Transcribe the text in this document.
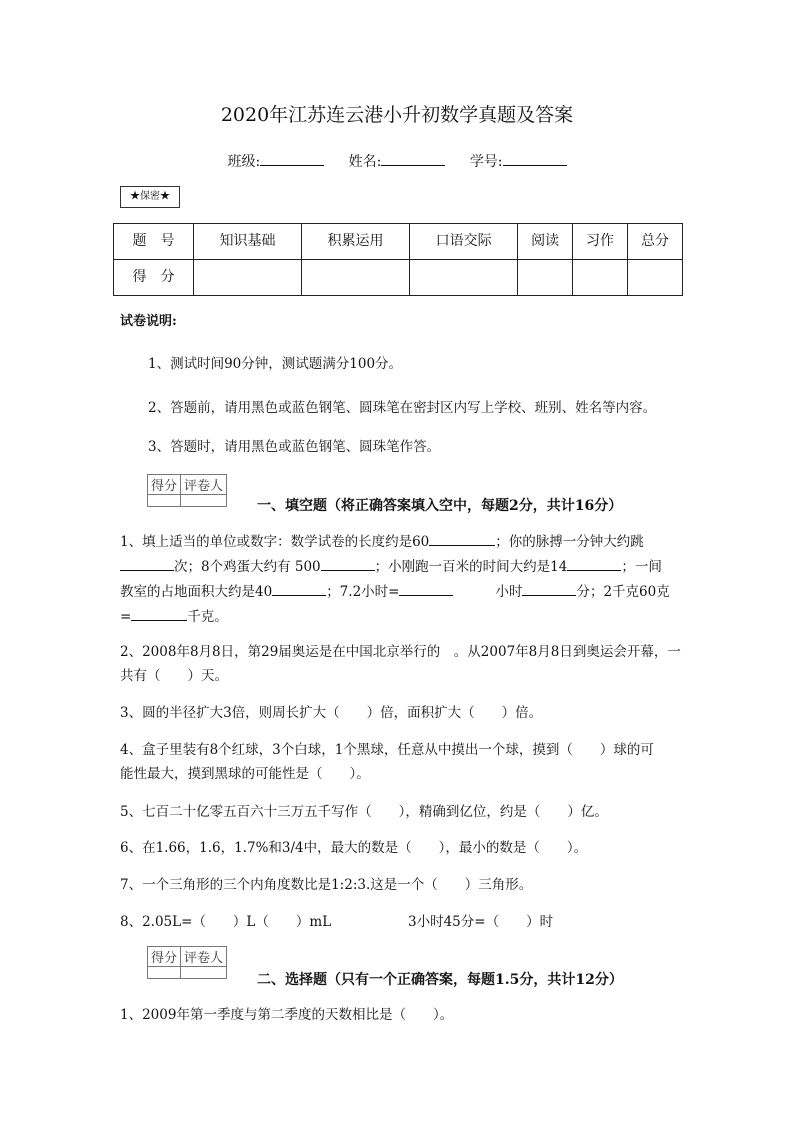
2020年江苏连云港小升初数学真题及答案
班级:	姓名:	学号:
★保密★
题　号	知识基础	积累运用	口语交际	阅读	习作	总分
得　分						
试卷说明:
1、测试时间90分钟，测试题满分100分。
2、答题前，请用黑色或蓝色钢笔、圆珠笔在密封区内写上学校、班别、姓名等内容。
3、答题时，请用黑色或蓝色钢笔、圆珠笔作答。
得分	评卷人

一、填空题（将正确答案填入空中，每题2分，共计16分）
1、填上适当的单位或数字：数学试卷的长度约是60	；你的脉搏一分钟大约跳
次；8个鸡蛋大约有 500	；小刚跑一百米的时间大约是14	；一间
教室的占地面积大约是40	；7.2小时=	小时	分；2千克60克
=	千克。
2、2008年8月8日，第29届奥运是在中国北京举行的　。从2007年8月8日到奥运会开幕，一
共有（　　）天。
3、圆的半径扩大3倍，则周长扩大（　　）倍，面积扩大（　　）倍。
4、盒子里装有8个红球，3个白球，1个黑球，任意从中摸出一个球，摸到（　　）球的可
能性最大，摸到黑球的可能性是（　　）。
5、七百二十亿零五百六十三万五千写作（　　），精确到亿位，约是（　　）亿。
6、在1.66，1.6，1.7%和3/4中，最大的数是（　　），最小的数是（　　）。
7、一个三角形的三个内角度数比是1:2:3.这是一个（　　）三角形。
8、2.05L=（　　）L（　　）mL	3小时45分=（　　）时
得分	评卷人

二、选择题（只有一个正确答案，每题1.5分，共计12分）
1、2009年第一季度与第二季度的天数相比是（　　）。
